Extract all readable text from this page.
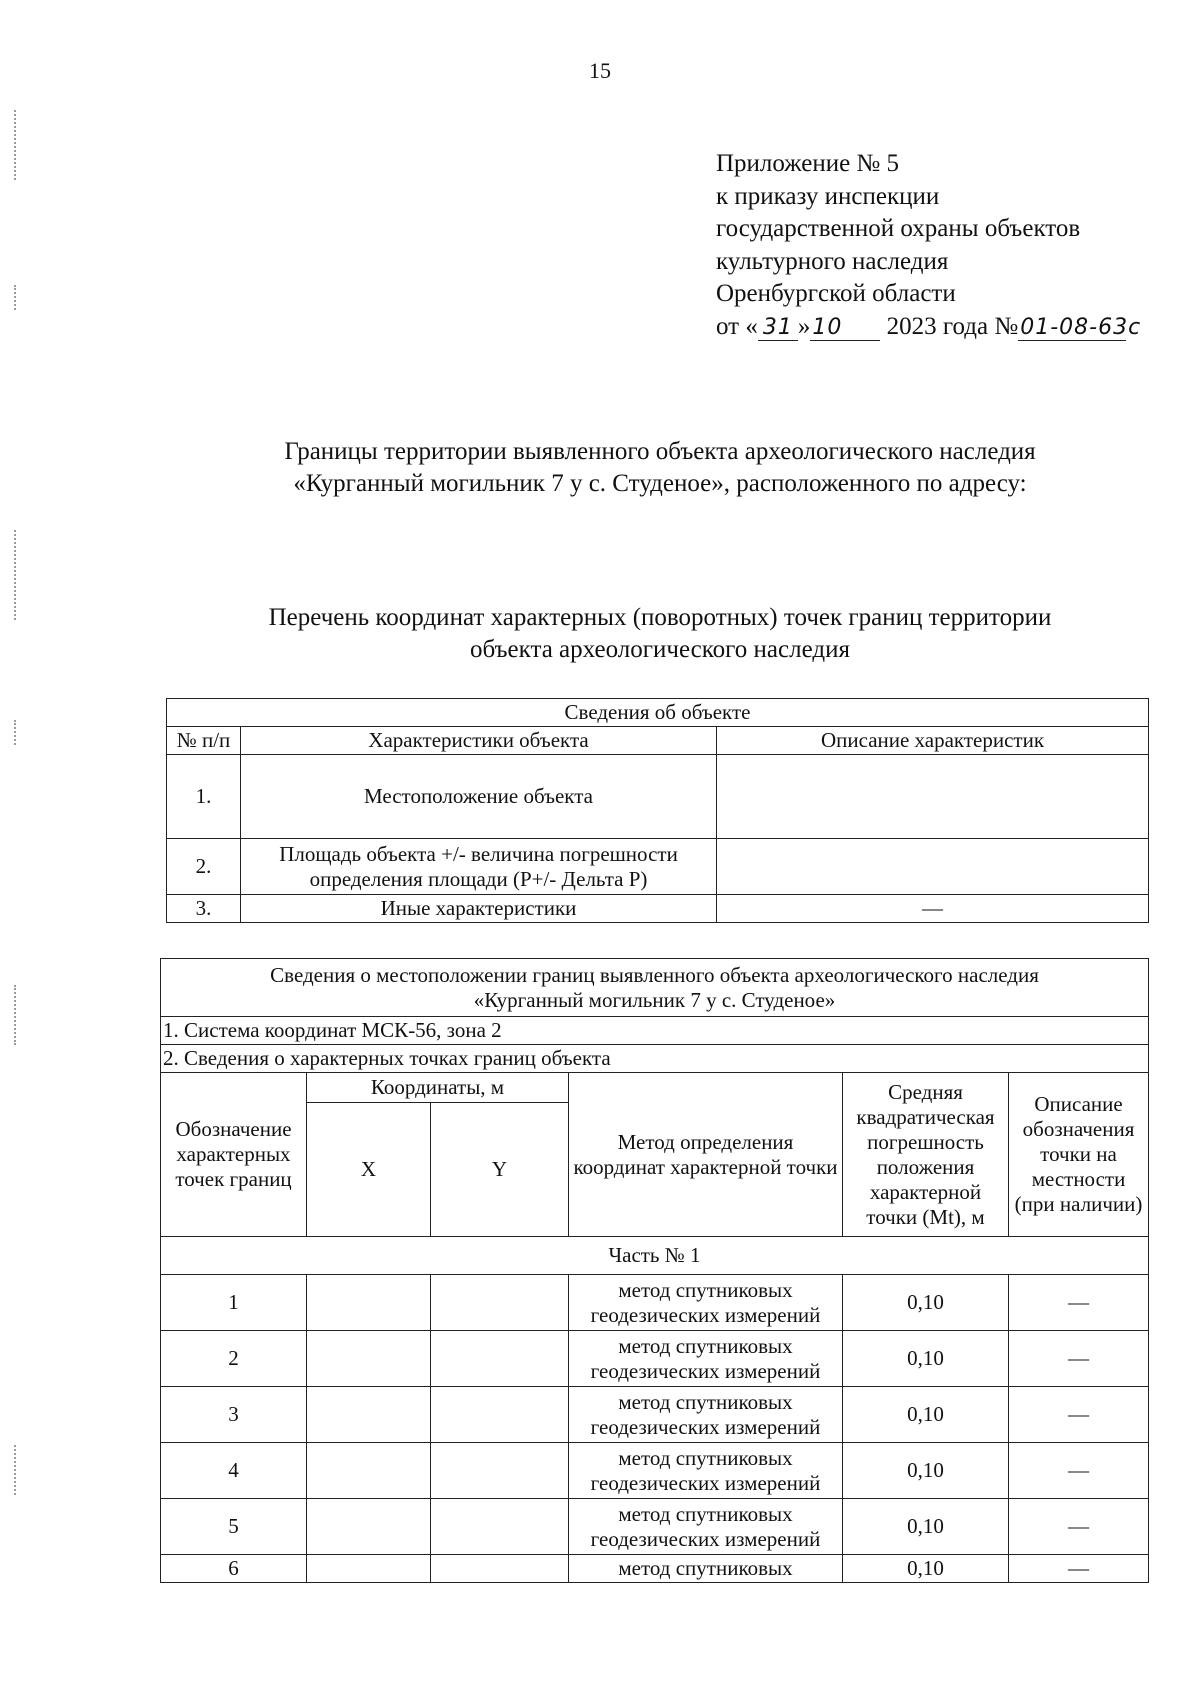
15
Приложение № 5
к приказу инспекции
государственной охраны объектов
культурного наследия
Оренбургской области
от « 31 »10 2023 года №01-08-63с
Границы территории выявленного объекта археологического наследия
«Курганный могильник 7 у с. Студеное», расположенного по адресу:
Перечень координат характерных (поворотных) точек границ территории
объекта археологического наследия
Сведения об объекте		
№ п/п	Характеристики объекта	Описание характеристик
1.	Местоположение объекта	
2.	Площадь объекта +/- величина погрешности определения площади (Р+/- Дельта Р)	
3.	Иные характеристики	—
Сведения о местоположении границ выявленного объекта археологического наследия
«Курганный могильник 7 у с. Студеное»					

1. Система координат МСК-56, зона 2					
2. Сведения о характерных точках границ объекта					
Обозначение характерных точек границ	Координаты, м		Метод определения координат характерной точки	Средняя квадратическая погрешность положения характерной точки (Mt), м	Описание обозначения точки на местности (при наличии)
	X	Y			
Часть № 1					
1			метод спутниковых геодезических измерений	0,10	—
2			метод спутниковых геодезических измерений	0,10	—
3			метод спутниковых геодезических измерений	0,10	—
4			метод спутниковых геодезических измерений	0,10	—
5			метод спутниковых геодезических измерений	0,10	—
6			метод спутниковых	0,10	—
